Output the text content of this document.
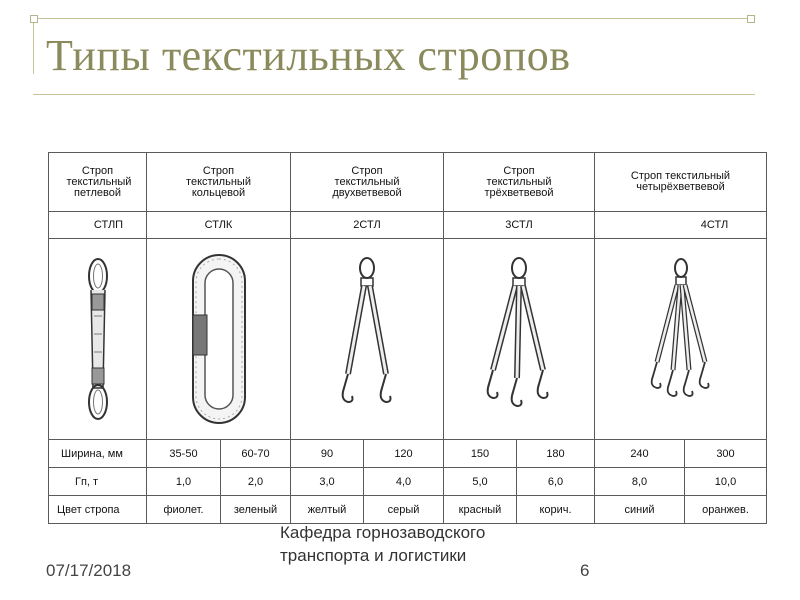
Типы текстильных стропов
Строп текстильный петлевой	Строп текстильный кольцевой		Строп текстильный двухветвевой		Строп текстильный трёхветвевой		Строп текстильный четырёхветвевой	
СТЛП	СТЛК		2СТЛ		3СТЛ		4СТЛ	

Ширина, мм	35-50	60-70	90	120	150	180	240	300
Гп, т	1,0	2,0	3,0	4,0	5,0	6,0	8,0	10,0
Цвет стропа	фиолет.	зеленый	желтый	серый	красный	корич.	синий	оранжев.
07/17/2018
Кафедра горнозаводского транспорта и логистики
6
